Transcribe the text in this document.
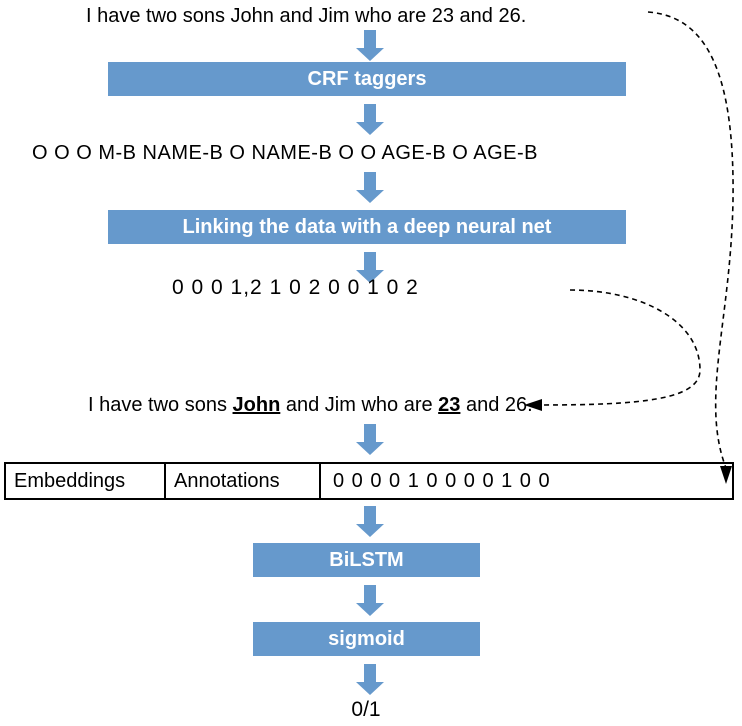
I have two sons John and Jim who are 23 and 26.
CRF taggers
O O O M-B NAME-B O NAME-B O O AGE-B O AGE-B
Linking the data with a deep neural net
0 0 0 1,2 1 0 2 0 0 1 0 2
I have two sons John and Jim who are 23 and 26.
Embeddings	Annotations	0 0 0 0 1 0 0 0 0 1 0 0
BiLSTM
sigmoid
0/1
